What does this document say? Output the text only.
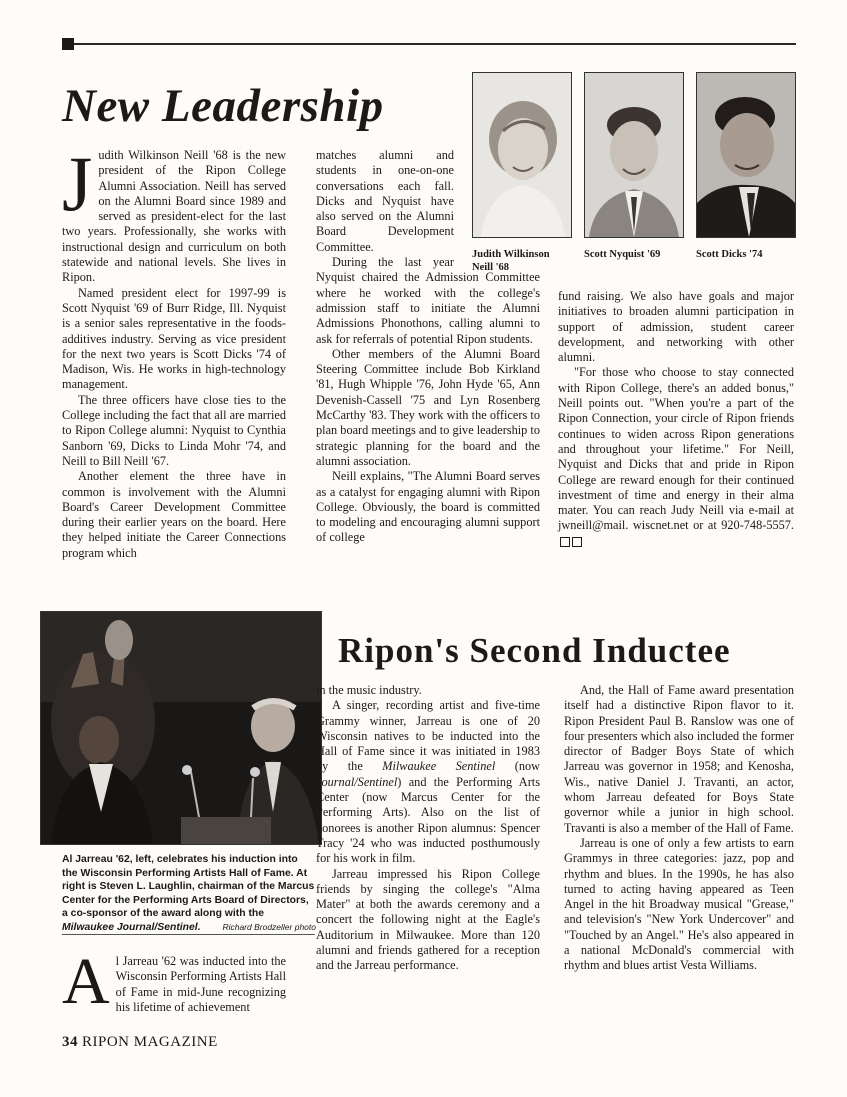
New Leadership
Judith Wilkinson
Neill '68
Scott Nyquist '69	Scott Dicks '74
J udith Wilkinson Neill '68 is the new president of the Ripon College Alumni Association. Neill has served on the Alumni Board since 1989 and served as president-elect for the last two years. Professionally, she works with instructional design and curriculum on both statewide and national levels. She lives in Ripon.

Named president elect for 1997-99 is Scott Nyquist '69 of Burr Ridge, Ill. Nyquist is a senior sales representative in the foods-additives industry. Serving as vice president for the next two years is Scott Dicks '74 of Madison, Wis. He works in high-technology management.

The three officers have close ties to the College including the fact that all are married to Ripon College alumni: Nyquist to Cynthia Sanborn '69, Dicks to Linda Mohr '74, and Neill to Bill Neill '67.

Another element the three have in common is involvement with the Alumni Board's Career Development Committee during their earlier years on the board. Here they helped initiate the Career Connections program which

matches alumni and students in one-on-one conversations each fall. Dicks and Nyquist have also served on the Alumni Board Development Committee.

During the last year Nyquist chaired the Admission Committee where he worked with the college's admission staff to initiate the Alumni Admissions Phonothons, calling alumni to ask for referrals of potential Ripon students.

Other members of the Alumni Board Steering Committee include Bob Kirkland '81, Hugh Whipple '76, John Hyde '65, Ann Devenish-Cassell '75 and Lyn Rosenberg McCarthy '83. They work with the officers to plan board meetings and to give leadership to strategic planning for the board and the alumni association.

Neill explains, "The Alumni Board serves as a catalyst for engaging alumni with Ripon College. Obviously, the board is committed to modeling and encouraging alumni support of college

fund raising. We also have goals and major initiatives to broaden alumni participation in support of admission, student career development, and networking with other alumni.

"For those who choose to stay connected with Ripon College, there's an added bonus," Neill points out. "When you're a part of the Ripon Connection, your circle of Ripon friends continues to widen across Ripon generations and throughout your lifetime." For Neill, Nyquist and Dicks that and pride in Ripon College are reward enough for their continued investment of time and energy in their alma mater. You can reach Judy Neill via e-mail at jwneill@mail. wiscnet.net or at 920-748-5557.

Al Jarreau '62, left, celebrates his induction into the Wisconsin Performing Artists Hall of Fame. At right is Steven L. Laughlin, chairman of the Marcus Center for the Performing Arts Board of Directors, a co-sponsor of the award along with the Milwaukee Journal/Sentinel.	Richard Brodzeller photo
Ripon's Second Inductee
A l Jarreau '62 was inducted into the Wisconsin Performing Artists Hall of Fame in mid-June recognizing his lifetime of achievement

in the music industry.

A singer, recording artist and five-time Grammy winner, Jarreau is one of 20 Wisconsin natives to be inducted into the Hall of Fame since it was initiated in 1983 by the Milwaukee Sentinel (now Journal/Sentinel) and the Performing Arts Center (now Marcus Center for the Performing Arts). Also on the list of honorees is another Ripon alumnus: Spencer Tracy '24 who was inducted posthumously for his work in film.

Jarreau impressed his Ripon College friends by singing the college's "Alma Mater" at both the awards ceremony and a concert the following night at the Eagle's Auditorium in Milwaukee. More than 120 alumni and friends gathered for a reception and the Jarreau performance.

And, the Hall of Fame award presentation itself had a distinctive Ripon flavor to it. Ripon President Paul B. Ranslow was one of four presenters which also included the former director of Badger Boys State of which Jarreau was governor in 1958; and Kenosha, Wis., native Daniel J. Travanti, an actor, whom Jarreau defeated for Boys State governor while a junior in high school. Travanti is also a member of the Hall of Fame.

Jarreau is one of only a few artists to earn Grammys in three categories: jazz, pop and rhythm and blues. In the 1990s, he has also turned to acting having appeared as Teen Angel in the hit Broadway musical "Grease," and television's "New York Undercover" and "Touched by an Angel." He's also appeared in a national McDonald's commercial with rhythm and blues artist Vesta Williams.

34 RIPON MAGAZINE
